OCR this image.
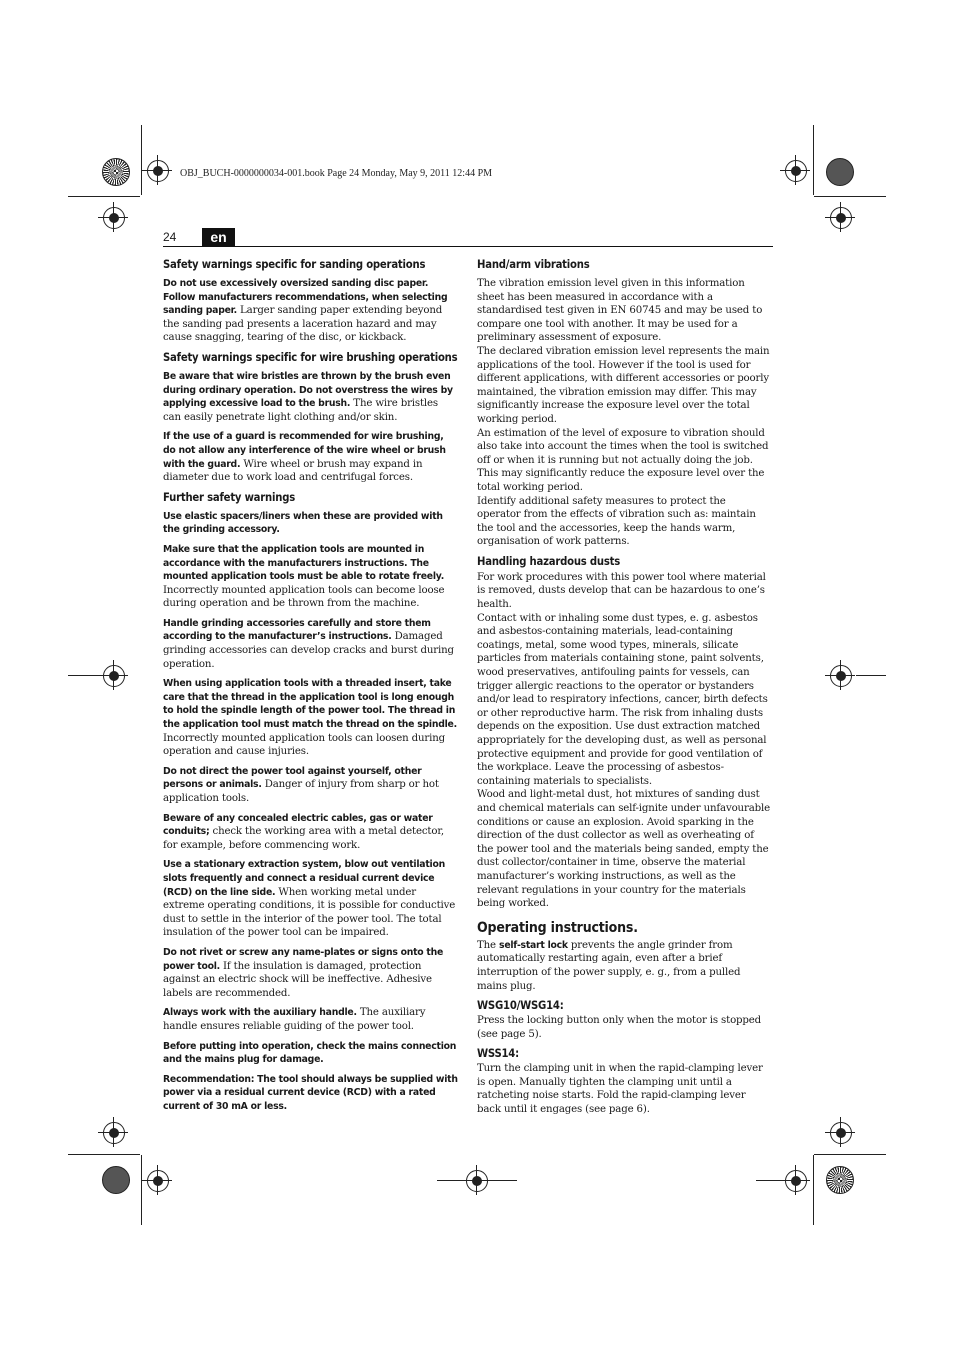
OBJ_BUCH-0000000034-001.book Page 24 Monday, May 9, 2011 12:44 PM
24	en
Safety warnings specific for sanding operations
Do not use excessively oversized sanding disc paper. Follow manufacturers recommendations, when selecting sanding paper. Larger sanding paper extending beyond the sanding pad presents a laceration hazard and may cause snagging, tearing of the disc, or kickback.
Safety warnings specific for wire brushing operations
Be aware that wire bristles are thrown by the brush even during ordinary operation. Do not overstress the wires by applying excessive load to the brush. The wire bristles can easily penetrate light clothing and/or skin.
If the use of a guard is recommended for wire brushing, do not allow any interference of the wire wheel or brush with the guard. Wire wheel or brush may expand in diameter due to work load and centrifugal forces.
Further safety warnings
Use elastic spacers/liners when these are provided with the grinding accessory.
Make sure that the application tools are mounted in accordance with the manufacturers instructions. The mounted application tools must be able to rotate freely. Incorrectly mounted application tools can become loose during operation and be thrown from the machine.
Handle grinding accessories carefully and store them according to the manufacturer’s instructions. Damaged grinding accessories can develop cracks and burst during operation.
When using application tools with a threaded insert, take care that the thread in the application tool is long enough to hold the spindle length of the power tool. The thread in the application tool must match the thread on the spindle. Incorrectly mounted application tools can loosen during operation and cause injuries.
Do not direct the power tool against yourself, other persons or animals. Danger of injury from sharp or hot application tools.
Beware of any concealed electric cables, gas or water conduits; check the working area with a metal detector, for example, before commencing work.
Use a stationary extraction system, blow out ventilation slots frequently and connect a residual current device (RCD) on the line side. When working metal under extreme operating conditions, it is possible for conductive dust to settle in the interior of the power tool. The total insulation of the power tool can be impaired.
Do not rivet or screw any name-plates or signs onto the power tool. If the insulation is damaged, protection against an electric shock will be ineffective. Adhesive labels are recommended.
Always work with the auxiliary handle. The auxiliary handle ensures reliable guiding of the power tool.
Before putting into operation, check the mains connection and the mains plug for damage.
Recommendation: The tool should always be supplied with power via a residual current device (RCD) with a rated current of 30 mA or less.
Hand/arm vibrations
The vibration emission level given in this information sheet has been measured in accordance with a standardised test given in EN 60745 and may be used to compare one tool with another. It may be used for a preliminary assessment of exposure.
The declared vibration emission level represents the main applications of the tool. However if the tool is used for different applications, with different accessories or poorly maintained, the vibration emission may differ. This may significantly increase the exposure level over the total working period.
An estimation of the level of exposure to vibration should also take into account the times when the tool is switched off or when it is running but not actually doing the job. This may significantly reduce the exposure level over the total working period.
Identify additional safety measures to protect the operator from the effects of vibration such as: maintain the tool and the accessories, keep the hands warm, organisation of work patterns.
Handling hazardous dusts
For work procedures with this power tool where material is removed, dusts develop that can be hazardous to one’s health.
Contact with or inhaling some dust types, e. g. asbestos and asbestos-containing materials, lead-containing coatings, metal, some wood types, minerals, silicate particles from materials containing stone, paint solvents, wood preservatives, antifouling paints for vessels, can trigger allergic reactions to the operator or bystanders and/or lead to respiratory infections, cancer, birth defects or other reproductive harm. The risk from inhaling dusts depends on the exposition. Use dust extraction matched appropriately for the developing dust, as well as personal protective equipment and provide for good ventilation of the workplace. Leave the processing of asbestos-containing materials to specialists.
Wood and light-metal dust, hot mixtures of sanding dust and chemical materials can self-ignite under unfavourable conditions or cause an explosion. Avoid sparking in the direction of the dust collector as well as overheating of the power tool and the materials being sanded, empty the dust collector/container in time, observe the material manufacturer’s working instructions, as well as the relevant regulations in your country for the materials being worked.
Operating instructions.
The self-start lock prevents the angle grinder from automatically restarting again, even after a brief interruption of the power supply, e. g., from a pulled mains plug.
WSG10/WSG14:
Press the locking button only when the motor is stopped (see page 5).
WSS14:
Turn the clamping unit in when the rapid-clamping lever is open. Manually tighten the clamping unit until a ratcheting noise starts. Fold the rapid-clamping lever back until it engages (see page 6).
